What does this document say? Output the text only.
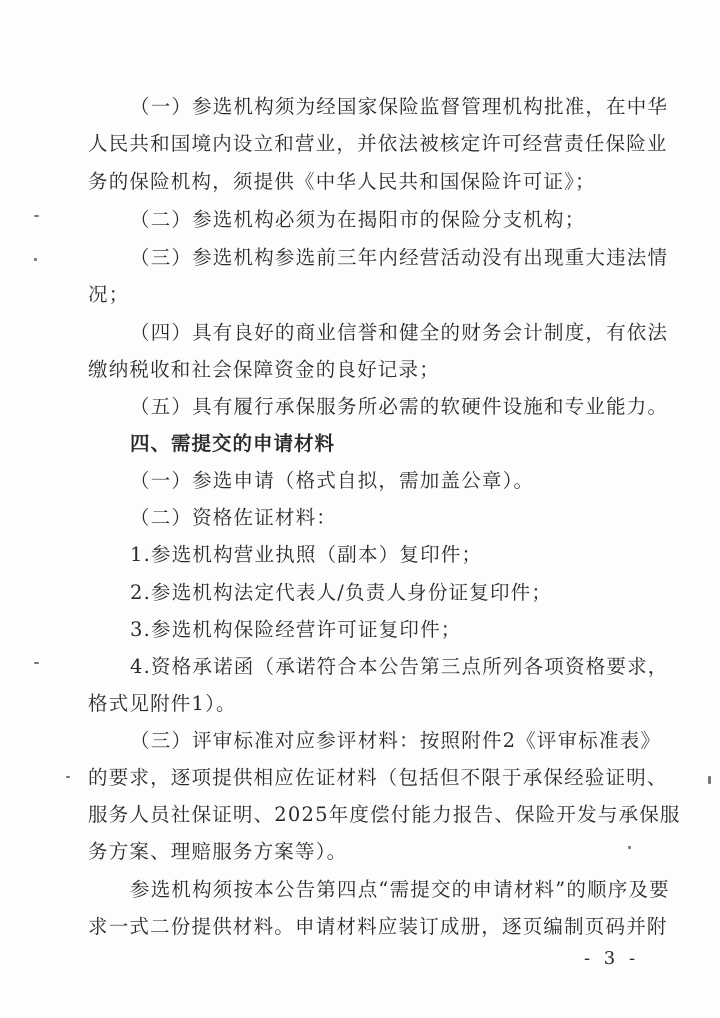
（一）参选机构须为经国家保险监督管理机构批准，在中华
人民共和国境内设立和营业，并依法被核定许可经营责任保险业
务的保险机构，须提供《中华人民共和国保险许可证》；
（二）参选机构必须为在揭阳市的保险分支机构；
（三）参选机构参选前三年内经营活动没有出现重大违法情
况；
（四）具有良好的商业信誉和健全的财务会计制度，有依法
缴纳税收和社会保障资金的良好记录；
（五）具有履行承保服务所必需的软硬件设施和专业能力。
四、需提交的申请材料
（一）参选申请（格式自拟，需加盖公章）。
（二）资格佐证材料：
1.参选机构营业执照（副本）复印件；
2.参选机构法定代表人/负责人身份证复印件；
3.参选机构保险经营许可证复印件；
4.资格承诺函（承诺符合本公告第三点所列各项资格要求，
格式见附件1）。
（三）评审标准对应参评材料：按照附件2《评审标准表》
的要求，逐项提供相应佐证材料（包括但不限于承保经验证明、
服务人员社保证明、2025年度偿付能力报告、保险开发与承保服
务方案、理赔服务方案等）。
参选机构须按本公告第四点“需提交的申请材料”的顺序及要
求一式二份提供材料。申请材料应装订成册，逐页编制页码并附
- 3 -
